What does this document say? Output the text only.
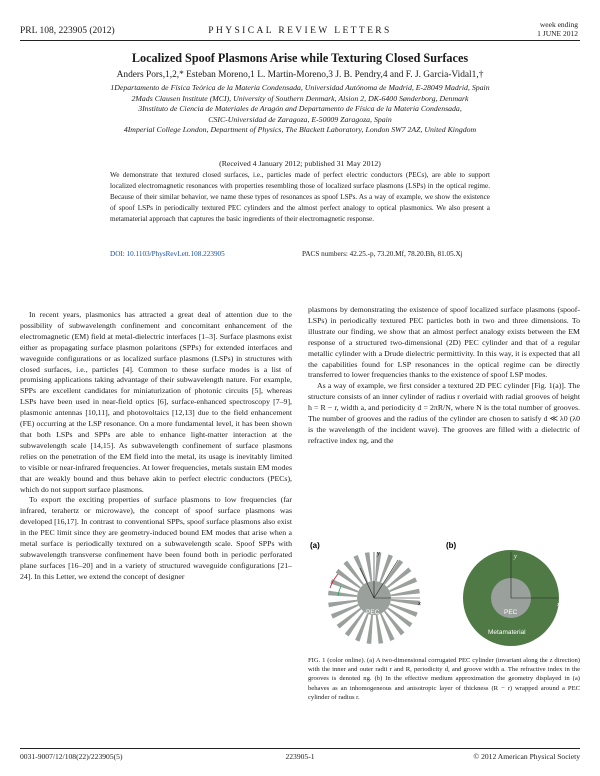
PRL 108, 223905 (2012)	PHYSICAL REVIEW LETTERS
week ending
1 JUNE 2012
Localized Spoof Plasmons Arise while Texturing Closed Surfaces
Anders Pors,1,2,* Esteban Moreno,1 L. Martin-Moreno,3 J. B. Pendry,4 and F. J. Garcia-Vidal1,†
1Departamento de Física Teórica de la Materia Condensada, Universidad Autónoma de Madrid, E-28049 Madrid, Spain
2Mads Clausen Institute (MCI), University of Southern Denmark, Alsion 2, DK-6400 Sønderborg, Denmark
3Instituto de Ciencia de Materiales de Aragón and Departamento de Física de la Materia Condensada,
CSIC-Universidad de Zaragoza, E-50009 Zaragoza, Spain
4Imperial College London, Department of Physics, The Blackett Laboratory, London SW7 2AZ, United Kingdom
(Received 4 January 2012; published 31 May 2012)
We demonstrate that textured closed surfaces, i.e., particles made of perfect electric conductors (PECs), are able to support localized electromagnetic resonances with properties resembling those of localized surface plasmons (LSPs) in the optical regime. Because of their similar behavior, we name these types of resonances as spoof LSPs. As a way of example, we show the existence of spoof LSPs in periodically textured PEC cylinders and the almost perfect analogy to optical plasmonics. We also present a metamaterial approach that captures the basic ingredients of their electromagnetic response.
DOI: 10.1103/PhysRevLett.108.223905	PACS numbers: 42.25.-p, 73.20.Mf, 78.20.Bh, 81.05.Xj

In recent years, plasmonics has attracted a great deal of attention due to the possibility of subwavelength confinement and concomitant enhancement of the electromagnetic (EM) field at metal-dielectric interfaces [1–3]. Surface plasmons exist either as propagating surface plasmon polaritons (SPPs) for extended interfaces and waveguide configurations or as localized surface plasmons (LSPs) in structures with closed surfaces, i.e., particles [4]. Common to these surface modes is a list of promising applications taking advantage of their subwavelength nature. For example, SPPs are excellent candidates for miniaturization of photonic circuits [5], whereas LSPs have been used in near-field optics [6], surface-enhanced spectroscopy [7–9], plasmonic antennas [10,11], and photovoltaics [12,13] due to the field enhancement (FE) occurring at the LSP resonance. On a more fundamental level, it has been shown that both LSPs and SPPs are able to enhance light-matter interaction at the subwavelength scale [14,15]. As subwavelength confinement of surface plasmons relies on the penetration of the EM field into the metal, its usage is inevitably limited to visible or near-infrared frequencies. At lower frequencies, metals sustain EM modes that are weakly bound and thus behave akin to perfect electric conductors (PECs), which do not support surface plasmons.

To export the exciting properties of surface plasmons to low frequencies (far infrared, terahertz or microwave), the concept of spoof surface plasmons was developed [16,17]. In contrast to conventional SPPs, spoof surface plasmons also exist in the PEC limit since they are geometry-induced bound EM modes that arise when a metal surface is periodically textured on a subwavelength scale. Spoof SPPs with subwavelength transverse confinement have been found both in periodic perforated plane surfaces [16–20] and in a variety of structured waveguide configurations [21–24]. In this Letter, we extend the concept of designer

plasmons by demonstrating the existence of spoof localized surface plasmons (spoof-LSPs) in periodically textured PEC particles both in two and three dimensions. To illustrate our finding, we show that an almost perfect analogy exists between the EM response of a structured two-dimensional (2D) PEC cylinder and that of a regular metallic cylinder with a Drude dielectric permittivity. In this way, it is expected that all the capabilities found for LSP resonances in the optical regime can be directly transferred to lower frequencies thanks to the existence of spoof LSP modes.

As a way of example, we first consider a textured 2D PEC cylinder [Fig. 1(a)]. The structure consists of an inner cylinder of radius r overlaid with radial grooves of height h = R − r, width a, and periodicity d = 2πR/N, where N is the total number of grooves. The number of grooves and the radius of the cylinder are chosen to satisfy d ≪ λ0 (λ0 is the wavelength of the incident wave). The grooves are filled with a dielectric of refractive index ng, and the

(a)
PEC
x
y
(b)
x
y
PEC
Metamaterial
FIG. 1 (color online). (a) A two-dimensional corrugated PEC cylinder (invariant along the z direction) with the inner and outer radii r and R, periodicity d, and groove width a. The refractive index in the grooves is denoted ng. (b) In the effective medium approximation the geometry displayed in (a) behaves as an inhomogeneous and anisotropic layer of thickness (R − r) wrapped around a PEC cylinder of radius r.
0031-9007/12/108(22)/223905(5)	223905-1	© 2012 American Physical Society
